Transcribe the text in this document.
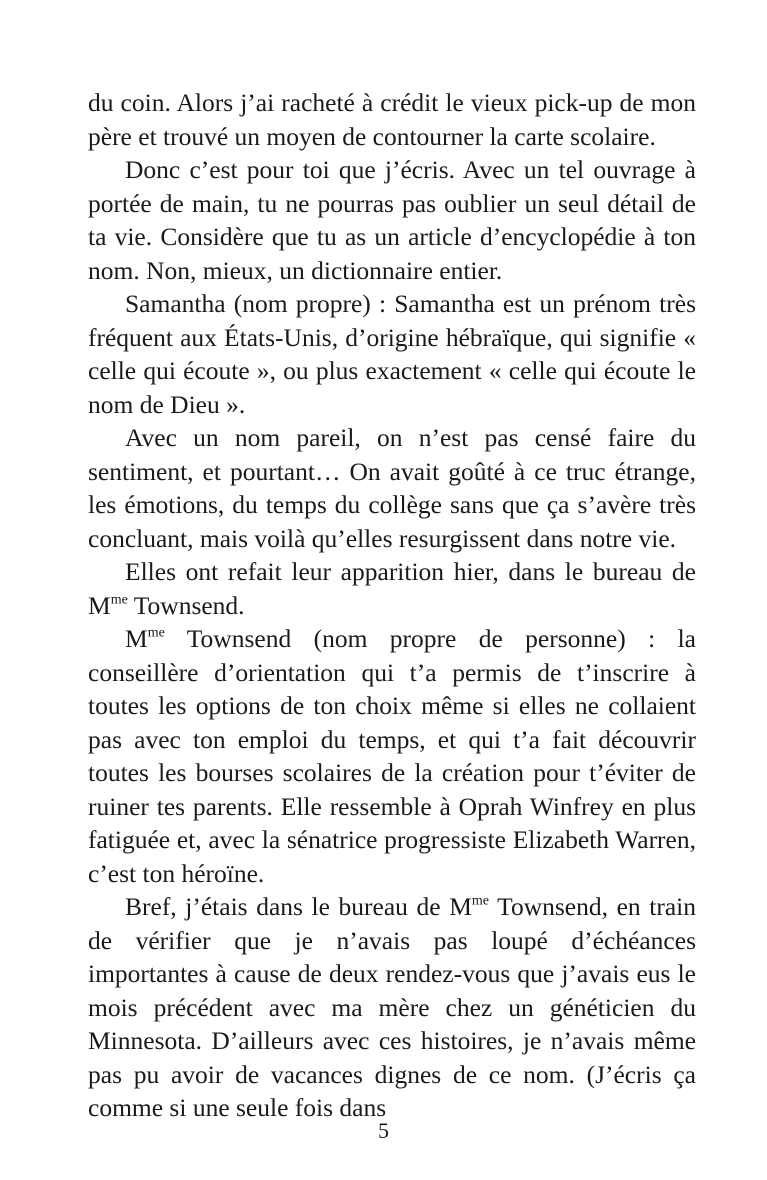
du coin. Alors j’ai racheté à crédit le vieux pick-up de mon père et trouvé un moyen de contourner la carte scolaire.

Donc c’est pour toi que j’écris. Avec un tel ouvrage à portée de main, tu ne pourras pas oublier un seul détail de ta vie. Considère que tu as un article d’encyclopédie à ton nom. Non, mieux, un dictionnaire entier.

Samantha (nom propre) : Samantha est un prénom très fréquent aux États-Unis, d’origine hébraïque, qui signifie « celle qui écoute », ou plus exactement « celle qui écoute le nom de Dieu ».

Avec un nom pareil, on n’est pas censé faire du sentiment, et pourtant… On avait goûté à ce truc étrange, les émotions, du temps du collège sans que ça s’avère très concluant, mais voilà qu’elles resurgissent dans notre vie.

Elles ont refait leur apparition hier, dans le bureau de $M^{me}$ Townsend.

$M^{me}$ Townsend (nom propre de personne) : la conseillère d’orientation qui t’a permis de t’inscrire à toutes les options de ton choix même si elles ne collaient pas avec ton emploi du temps, et qui t’a fait découvrir toutes les bourses scolaires de la création pour t’éviter de ruiner tes parents. Elle ressemble à Oprah Winfrey en plus fatiguée et, avec la sénatrice progressiste Elizabeth Warren, c’est ton héroïne.

Bref, j’étais dans le bureau de $M^{me}$ Townsend, en train de vérifier que je n’avais pas loupé d’échéances importantes à cause de deux rendez-vous que j’avais eus le mois précédent avec ma mère chez un généticien du Minnesota. D’ailleurs avec ces histoires, je n’avais même pas pu avoir de vacances dignes de ce nom. (J’écris ça comme si une seule fois dans

5
